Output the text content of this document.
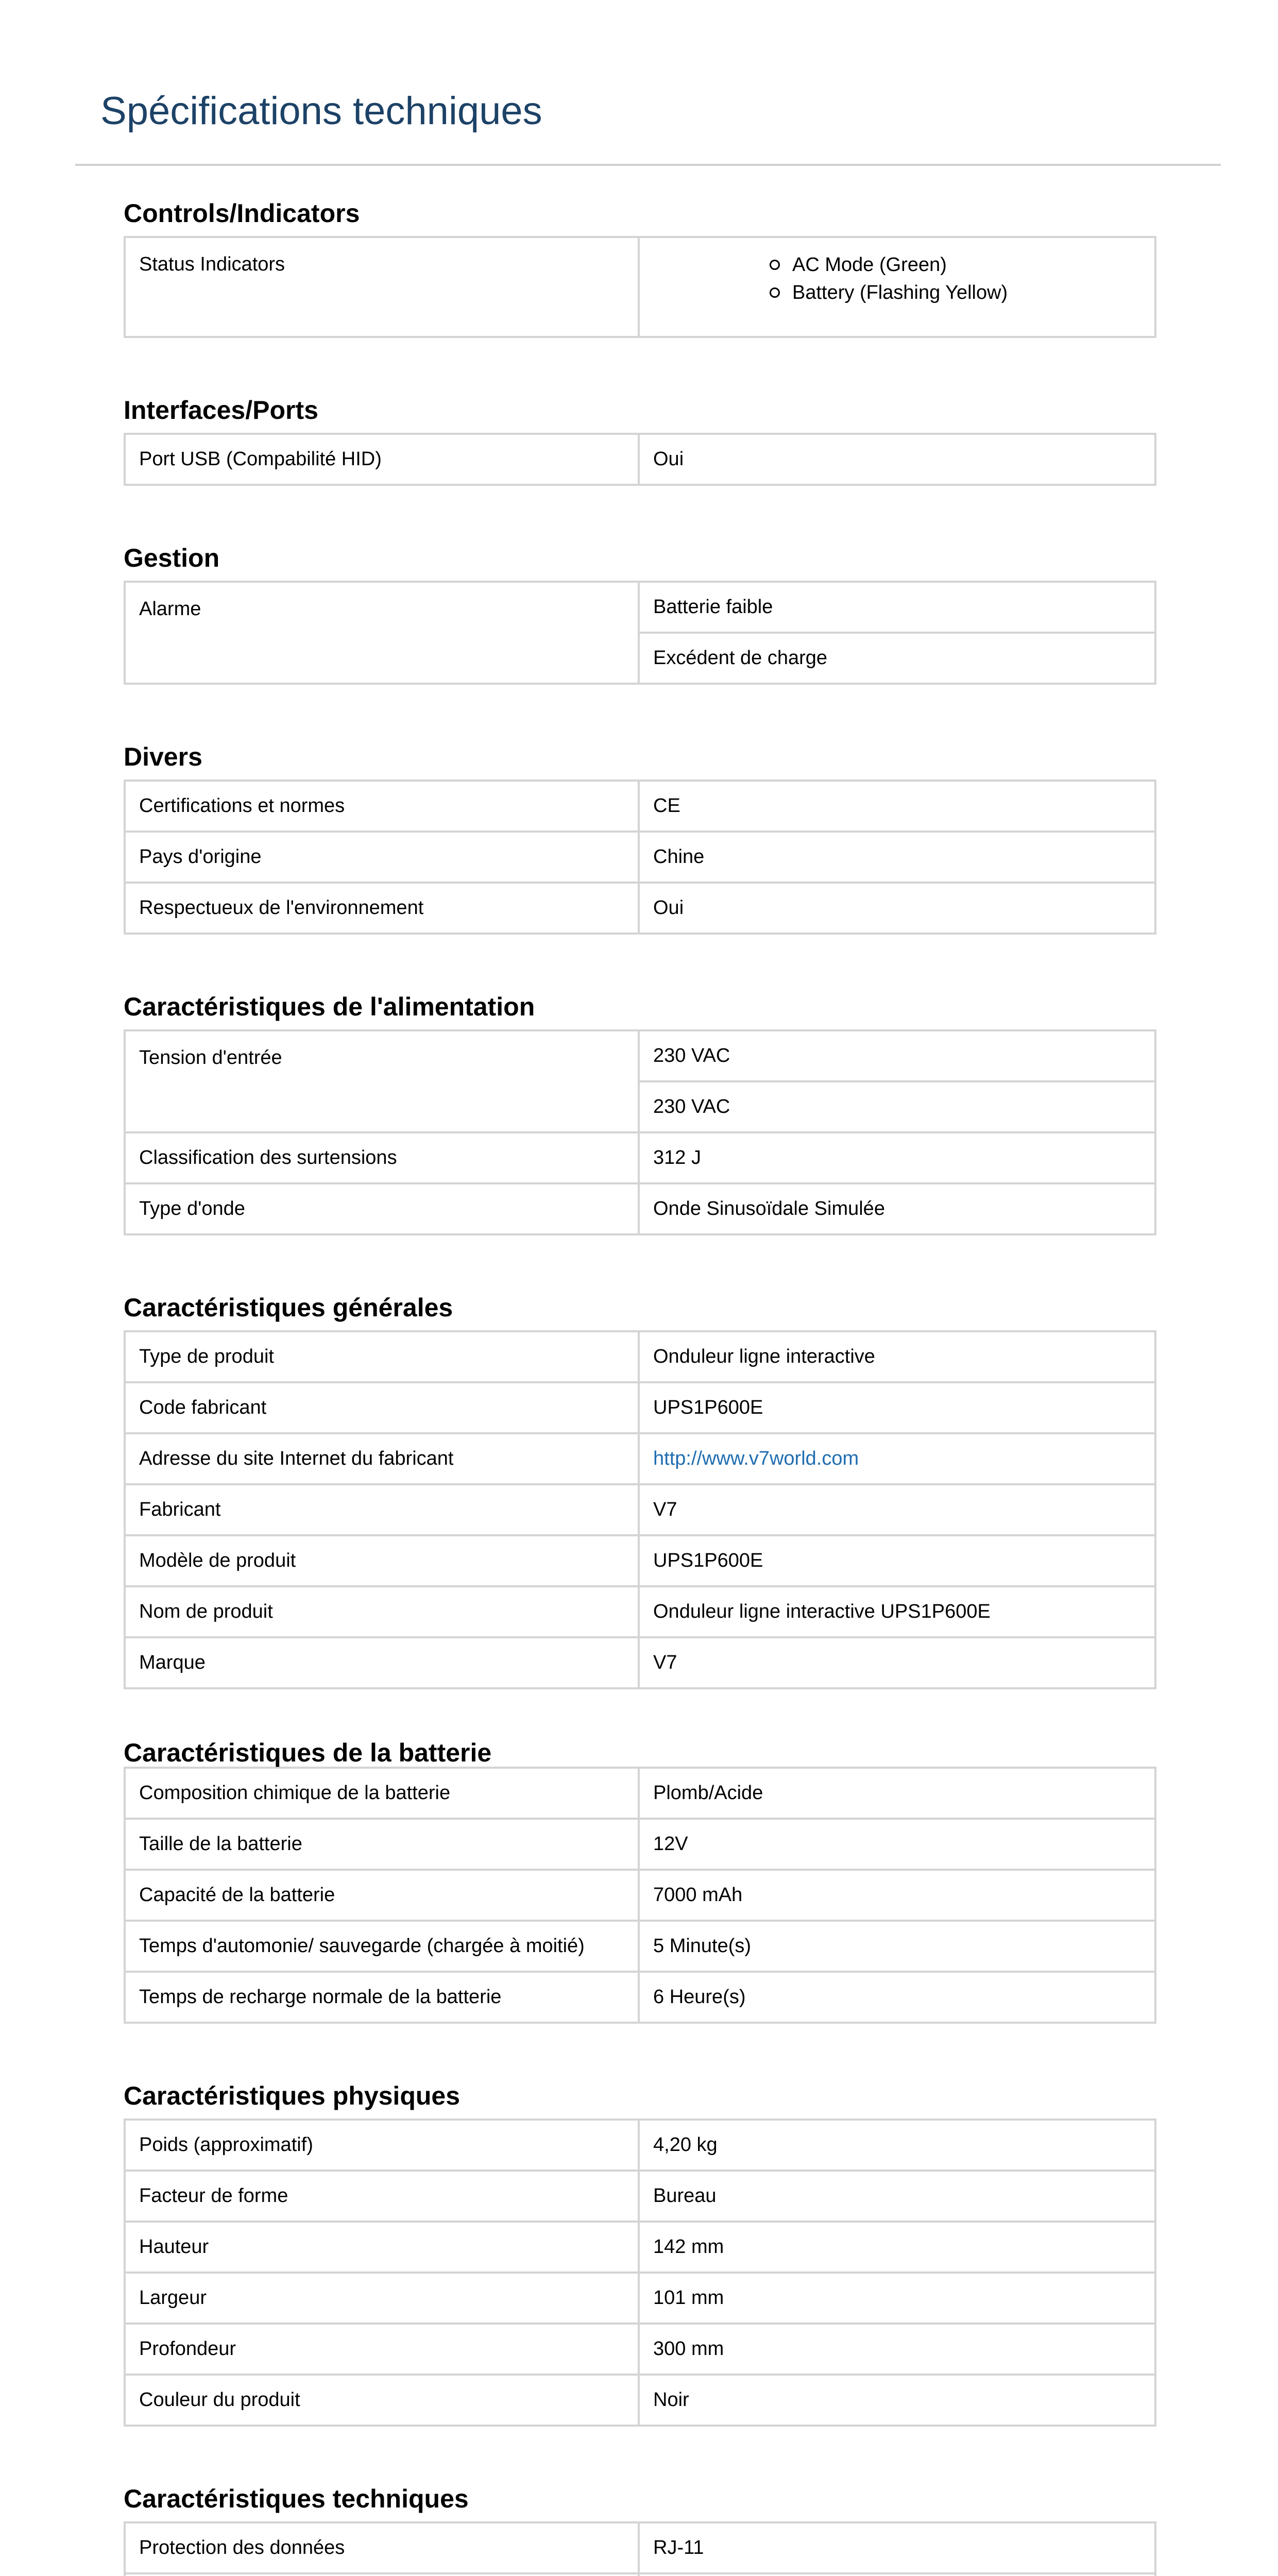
Spécifications techniques
Controls/Indicators
Status Indicators	AC Mode (Green)
Battery (Flashing Yellow)
Interfaces/Ports
Port USB (Compabilité HID)	Oui
Gestion
Alarme	Batterie faible
Excédent de charge
Divers
Certifications et normes	CE
Pays d'origine	Chine
Respectueux de l'environnement	Oui
Caractéristiques de l'alimentation
Tension d'entrée	230 VAC
	230 VAC
Classification des surtensions	312 J
Type d'onde	Onde Sinusoïdale Simulée
Caractéristiques générales
Type de produit	Onduleur ligne interactive
Code fabricant	UPS1P600E
Adresse du site Internet du fabricant	http://www.v7world.com
Fabricant	V7
Modèle de produit	UPS1P600E
Nom de produit	Onduleur ligne interactive UPS1P600E
Marque	V7
Caractéristiques de la batterie
Composition chimique de la batterie	Plomb/Acide
Taille de la batterie	12V
Capacité de la batterie	7000 mAh
Temps d'automonie/ sauvegarde (chargée à moitié)	5 Minute(s)
Temps de recharge normale de la batterie	6 Heure(s)
Caractéristiques physiques
Poids (approximatif)	4,20 kg
Facteur de forme	Bureau
Hauteur	142 mm
Largeur	101 mm
Profondeur	300 mm
Couleur du produit	Noir
Caractéristiques techniques
Protection des données	RJ-11
